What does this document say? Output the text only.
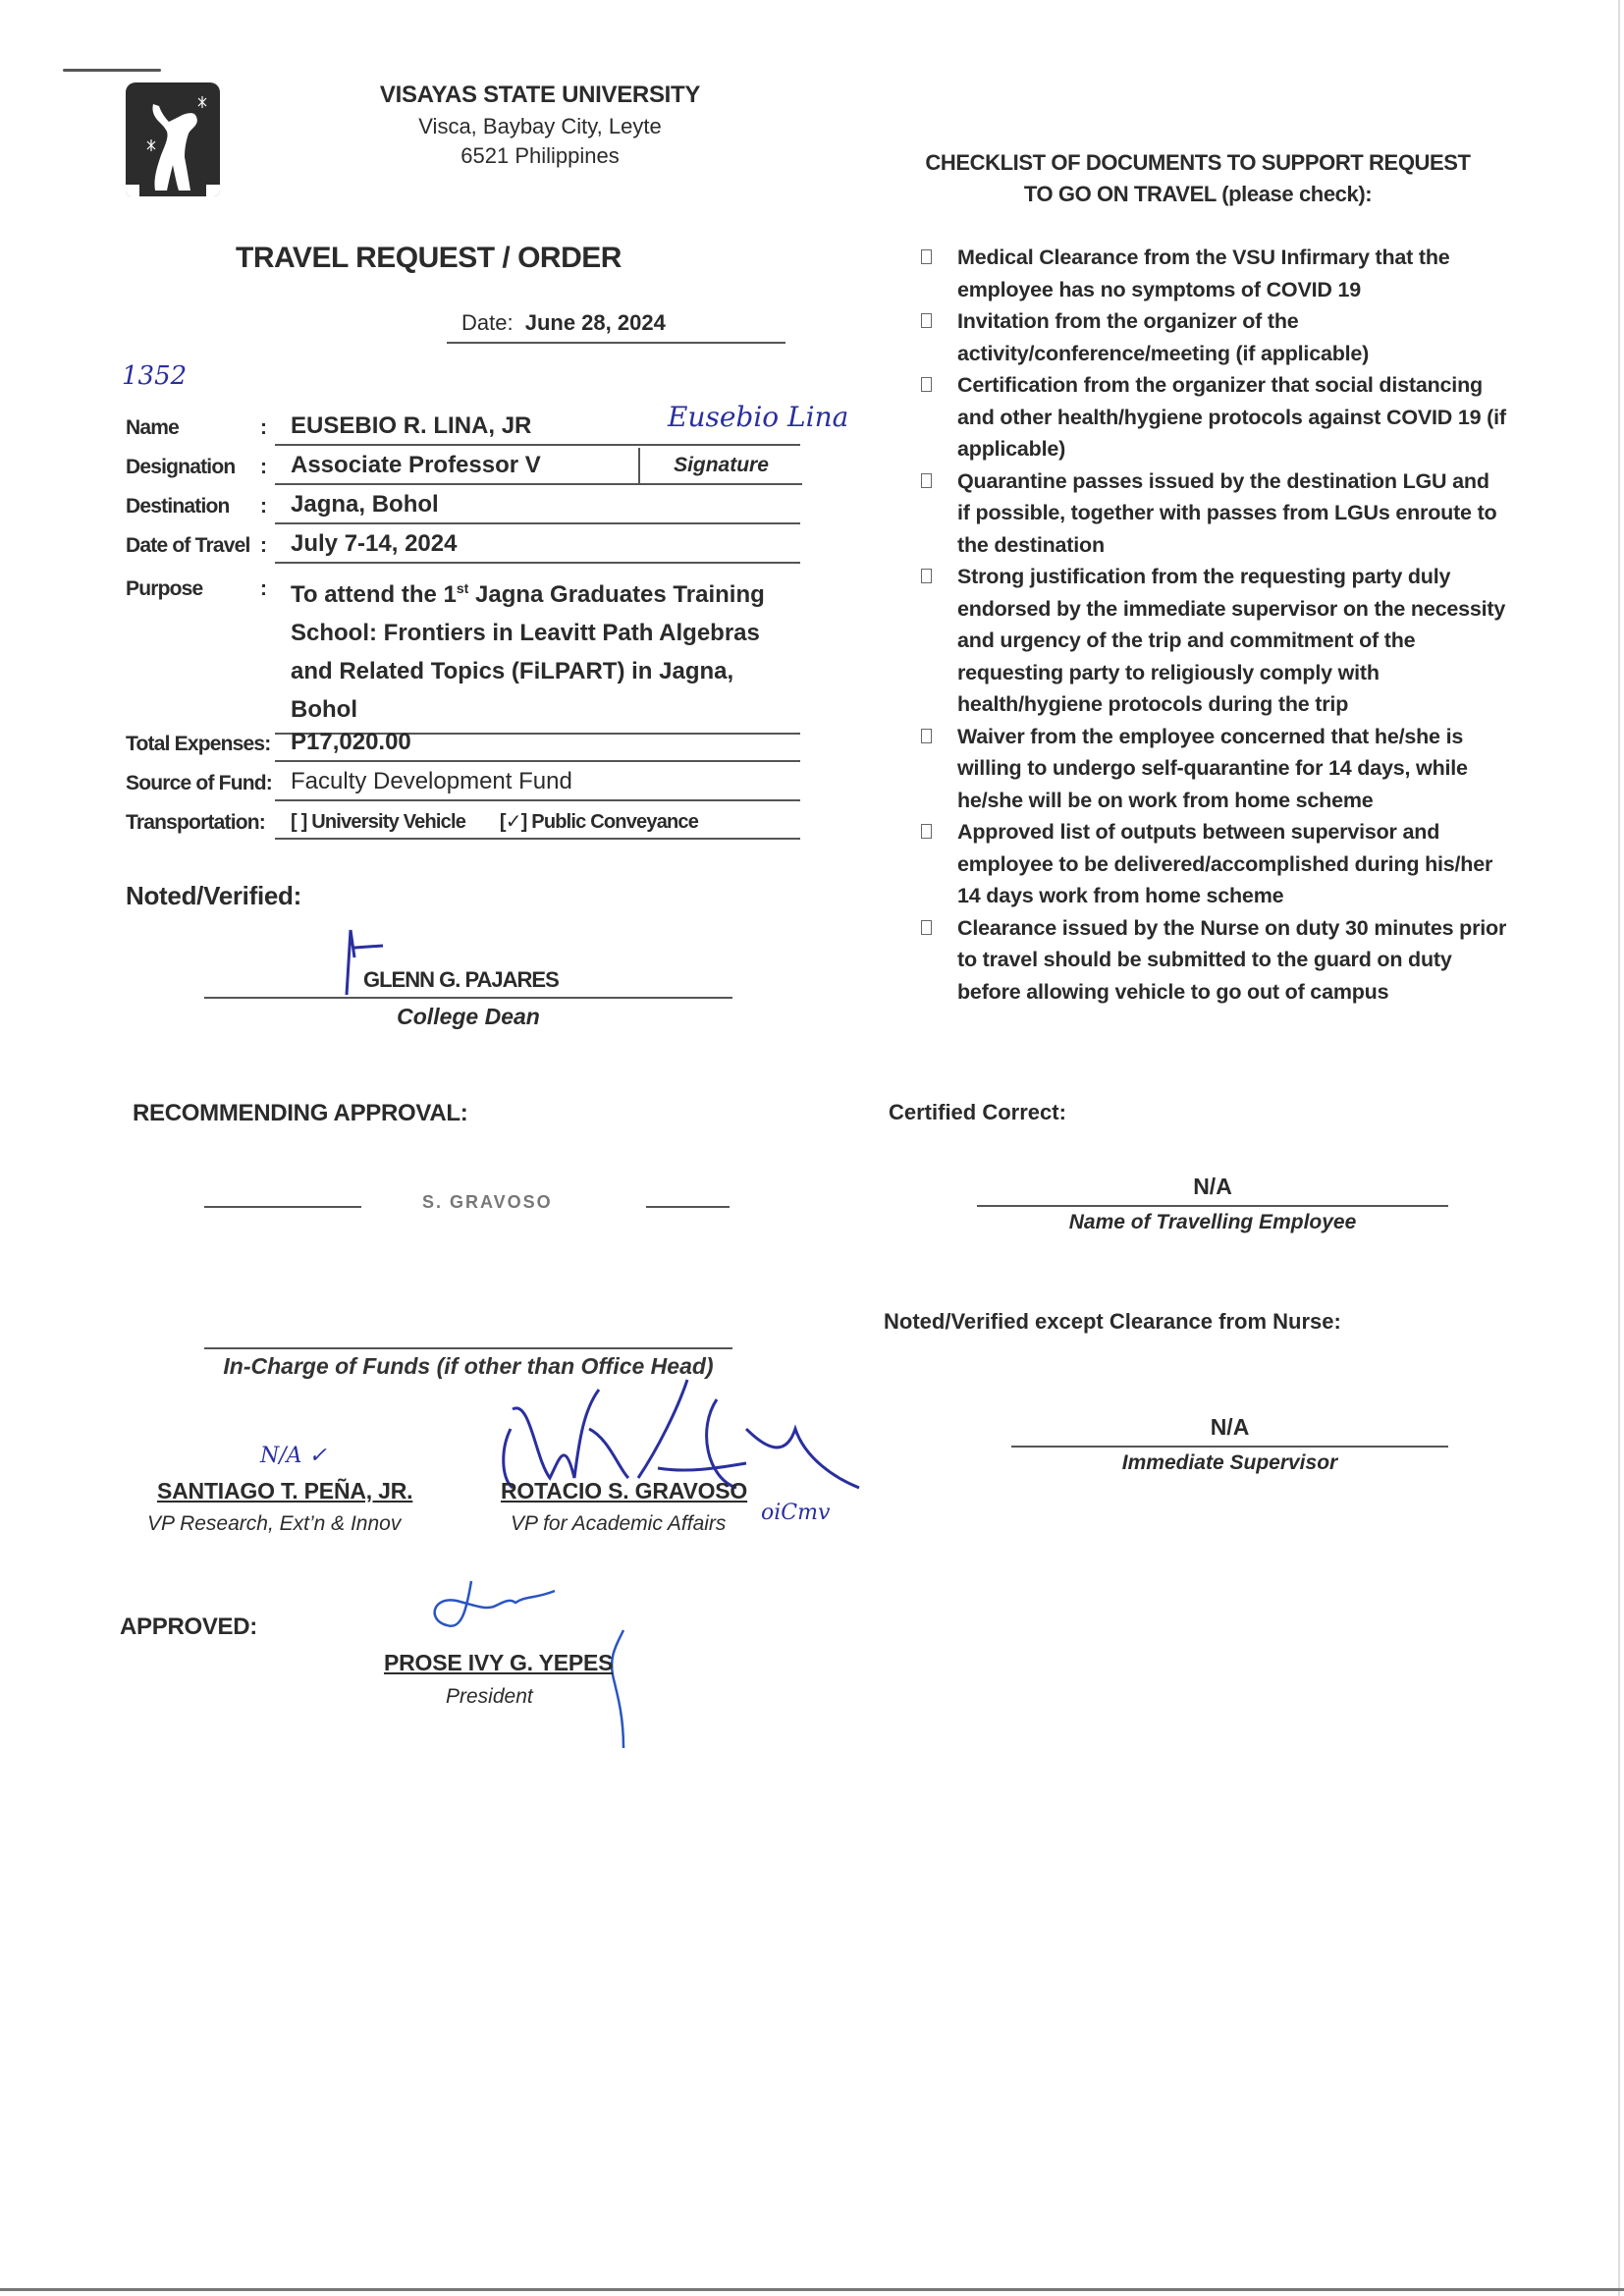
VISAYAS STATE UNIVERSITY
Visca, Baybay City, Leyte
6521 Philippines
TRAVEL REQUEST / ORDER
Date: June 28, 2024
1352
Name	:	EUSEBIO R. LINA, JR	Eusebio Lina
Designation :	Associate Professor V	Signature
Destination :	Jagna, Bohol
Date of Travel :	July 7-14, 2024
Purpose	:	To attend the 1st Jagna Graduates Training School: Frontiers in Leavitt Path Algebras and Related Topics (FiLPART) in Jagna, Bohol
Total Expenses: P17,020.00
Source of Fund: Faculty Development Fund
Transportation:	[ ] University Vehicle [✓] Public Conveyance
Noted/Verified:
GLENN G. PAJARES
College Dean
RECOMMENDING APPROVAL:
S. GRAVOSO
In-Charge of Funds (if other than Office Head)
N/A ✓
SANTIAGO T. PEÑA, JR.
VP Research, Ext’n & Innov
ROTACIO S. GRAVOSO
VP for Academic Affairs oiCmv
APPROVED:
PROSE IVY G. YEPES
President
CHECKLIST OF DOCUMENTS TO SUPPORT REQUEST
TO GO ON TRAVEL (please check):
Medical Clearance from the VSU Infirmary that the employee has no symptoms of COVID 19
Invitation from the organizer of the activity/conference/meeting (if applicable)
Certification from the organizer that social distancing and other health/hygiene protocols against COVID 19 (if applicable)
Quarantine passes issued by the destination LGU and if possible, together with passes from LGUs enroute to the destination
Strong justification from the requesting party duly endorsed by the immediate supervisor on the necessity and urgency of the trip and commitment of the requesting party to religiously comply with health/hygiene protocols during the trip
Waiver from the employee concerned that he/she is willing to undergo self-quarantine for 14 days, while he/she will be on work from home scheme
Approved list of outputs between supervisor and employee to be delivered/accomplished during his/her 14 days work from home scheme
Clearance issued by the Nurse on duty 30 minutes prior to travel should be submitted to the guard on duty before allowing vehicle to go out of campus
Certified Correct:
N/A
Name of Travelling Employee
Noted/Verified except Clearance from Nurse:
N/A
Immediate Supervisor
